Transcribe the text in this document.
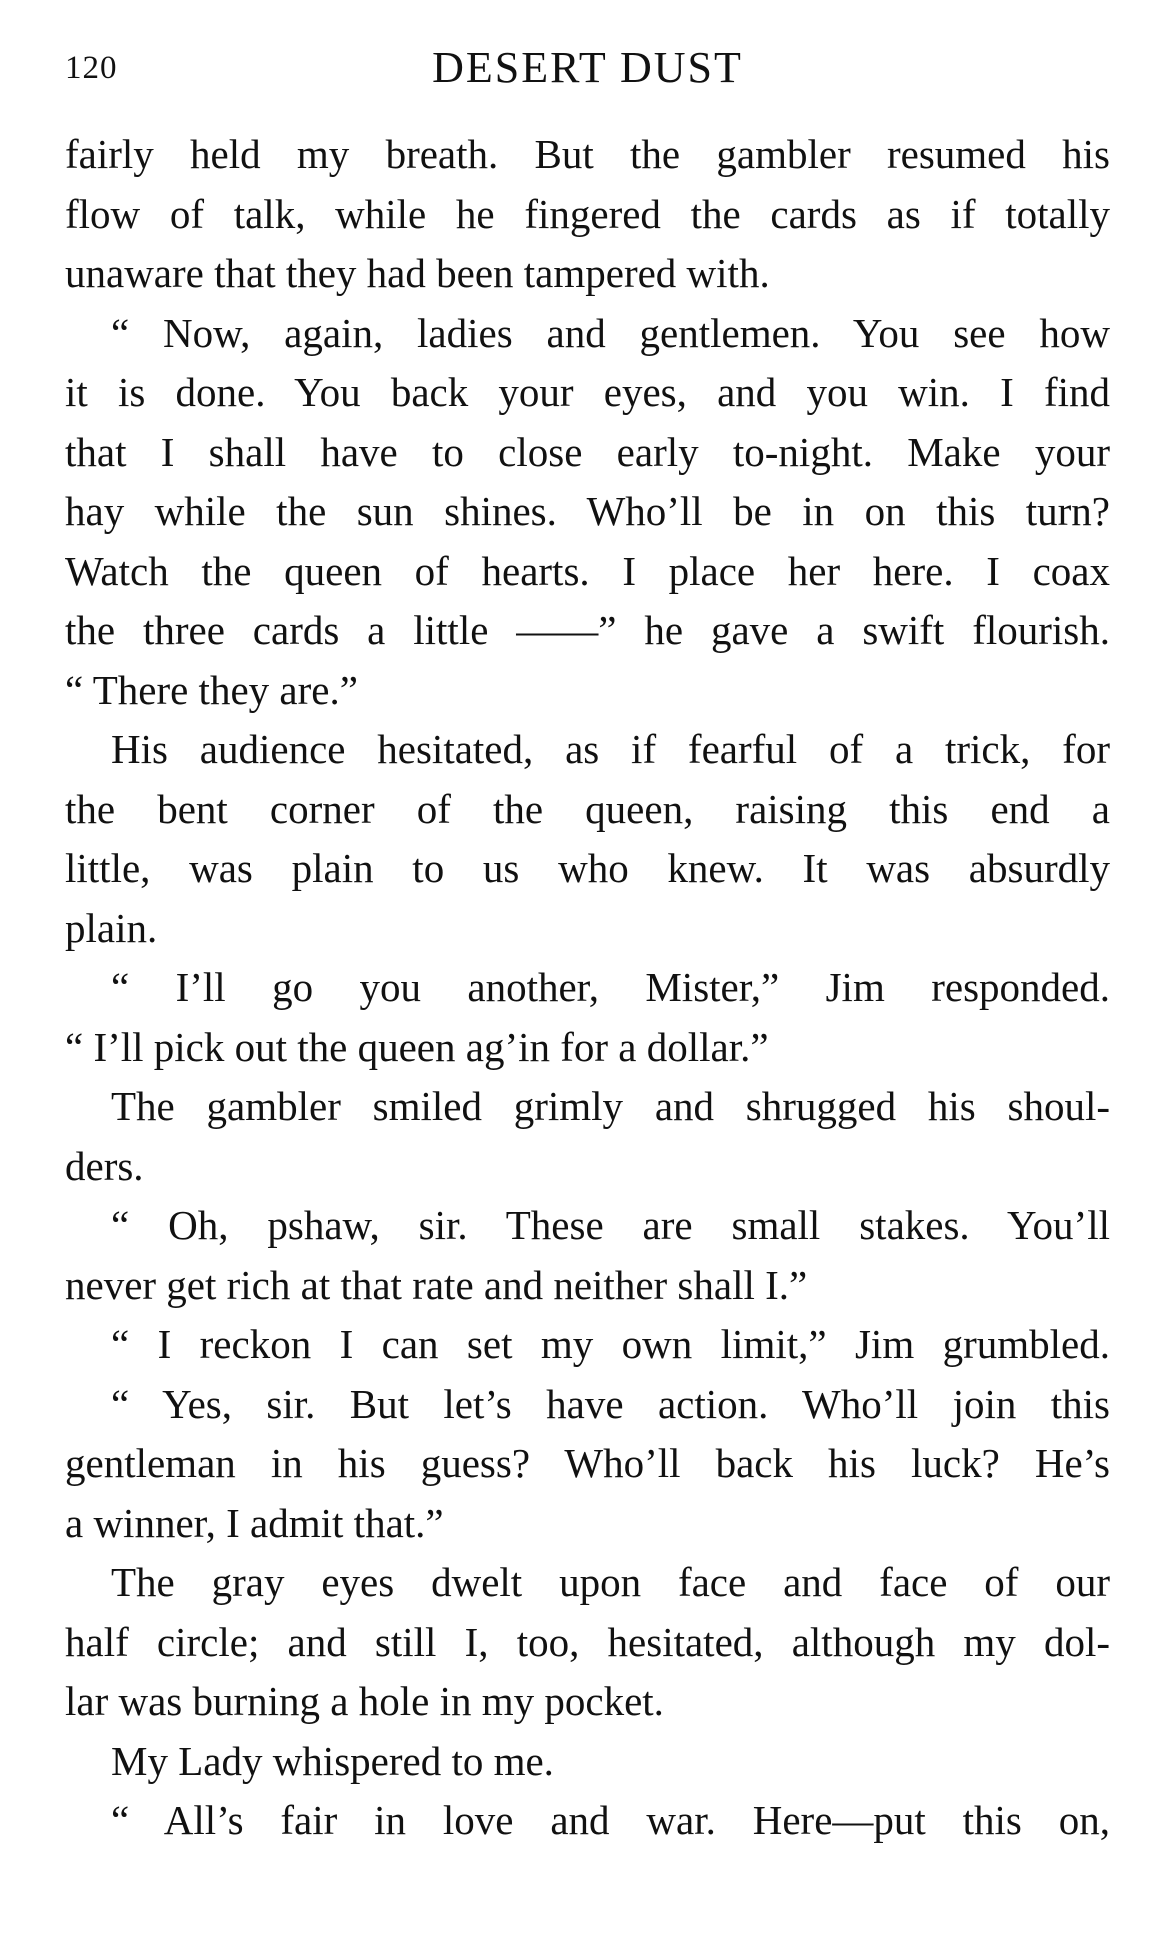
120	DESERT DUST
fairly held my breath. But the gambler resumed his
flow of talk, while he fingered the cards as if totally
unaware that they had been tampered with.
“ Now, again, ladies and gentlemen. You see how
it is done. You back your eyes, and you win. I find
that I shall have to close early to-night. Make your
hay while the sun shines. Who’ll be in on this turn?
Watch the queen of hearts. I place her here. I coax
the three cards a little ——” he gave a swift flourish.
“ There they are.”
His audience hesitated, as if fearful of a trick, for
the bent corner of the queen, raising this end a
little, was plain to us who knew. It was absurdly
plain.
“ I’ll go you another, Mister,” Jim responded.
“ I’ll pick out the queen ag’in for a dollar.”
The gambler smiled grimly and shrugged his shoul-
ders.
“ Oh, pshaw, sir. These are small stakes. You’ll
never get rich at that rate and neither shall I.”
“ I reckon I can set my own limit,” Jim grumbled.
“ Yes, sir. But let’s have action. Who’ll join this
gentleman in his guess? Who’ll back his luck? He’s
a winner, I admit that.”
The gray eyes dwelt upon face and face of our
half circle; and still I, too, hesitated, although my dol-
lar was burning a hole in my pocket.
My Lady whispered to me.
“ All’s fair in love and war. Here—put this on,
